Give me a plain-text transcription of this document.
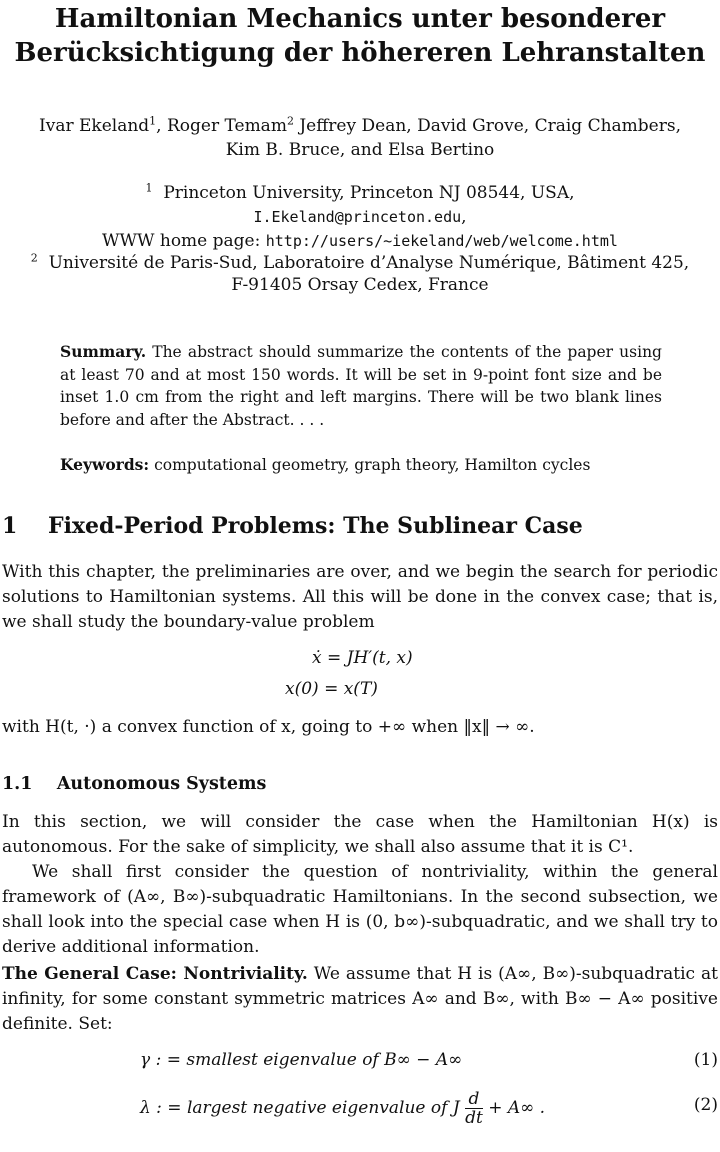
Hamiltonian Mechanics unter besonderer
Berücksichtigung der höhereren Lehranstalten
Ivar Ekeland$^1$, Roger Temam$^2$ Jeffrey Dean, David Grove, Craig Chambers,
Kim B. Bruce, and Elsa Bertino
$^1$ Princeton University, Princeton NJ 08544, USA,
I.Ekeland@princeton.edu,
WWW home page: http://users/~iekeland/web/welcome.html
$^2$ Université de Paris-Sud, Laboratoire d’Analyse Numérique, Bâtiment 425,
F-91405 Orsay Cedex, France
Summary. The abstract should summarize the contents of the paper using at least 70 and at most 150 words. It will be set in 9-point font size and be inset 1.0 cm from the right and left margins. There will be two blank lines before and after the Abstract. . . .
Keywords: computational geometry, graph theory, Hamilton cycles
1 Fixed-Period Problems: The Sublinear Case
With this chapter, the preliminaries are over, and we begin the search for periodic solutions to Hamiltonian systems. All this will be done in the convex case; that is, we shall study the boundary-value problem
ẋ = JH′(t, x)
x(0) = x(T)
with H(t, ·) a convex function of x, going to +∞ when ‖x‖ → ∞.
1.1 Autonomous Systems
In this section, we will consider the case when the Hamiltonian H(x) is autonomous. For the sake of simplicity, we shall also assume that it is C¹.
We shall first consider the question of nontriviality, within the general framework of (A∞, B∞)-subquadratic Hamiltonians. In the second subsection, we shall look into the special case when H is (0, b∞)-subquadratic, and we shall try to derive additional information.
The General Case: Nontriviality. We assume that H is (A∞, B∞)-subquadratic at infinity, for some constant symmetric matrices A∞ and B∞, with B∞ − A∞ positive definite. Set:
γ : = smallest eigenvalue of B∞ − A∞	(1)
λ : = largest negative eigenvalue of J $\frac{d}{dt} + A\infty$ .	(2)
